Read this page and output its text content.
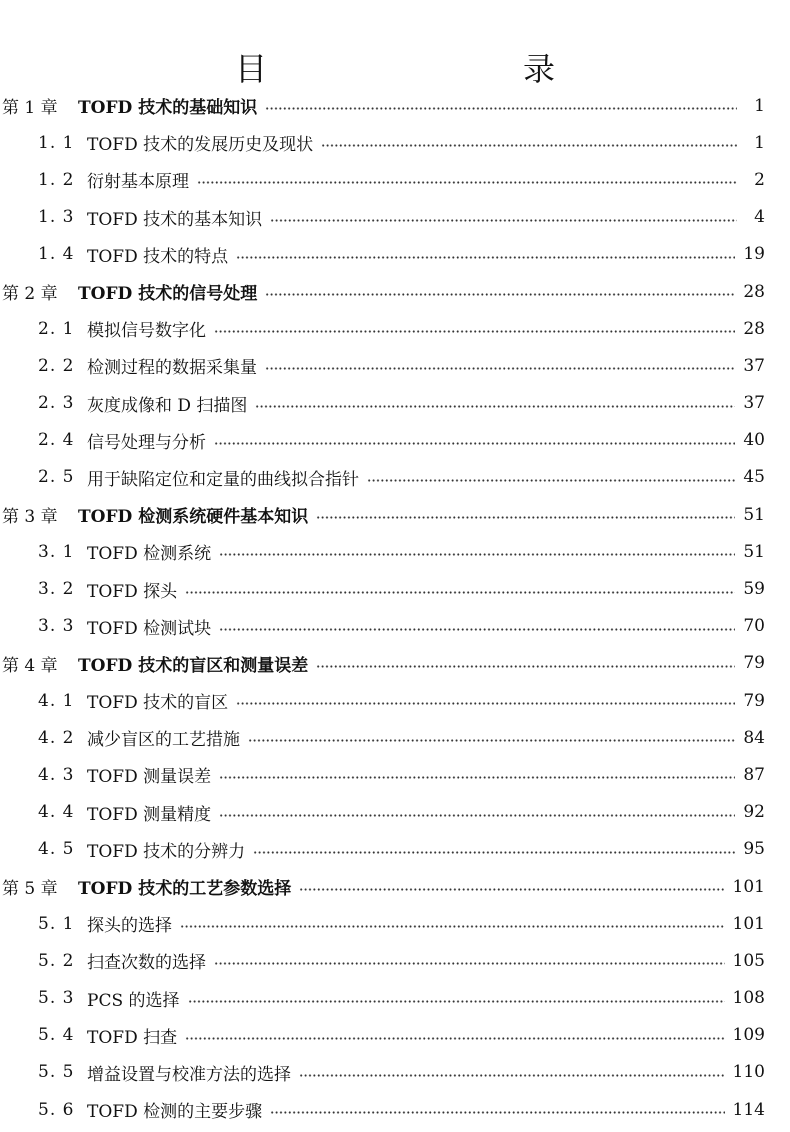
目　　录
第 1 章	TOFD 技术的基础知识	1
1. 1 TOFD 技术的发展历史及现状	1
1. 2 衍射基本原理	2
1. 3 TOFD 技术的基本知识	4
1. 4 TOFD 技术的特点	19
第 2 章	TOFD 技术的信号处理	28
2. 1 模拟信号数字化	28
2. 2 检测过程的数据采集量	37
2. 3 灰度成像和 D 扫描图	37
2. 4 信号处理与分析	40
2. 5 用于缺陷定位和定量的曲线拟合指针	45
第 3 章	TOFD 检测系统硬件基本知识	51
3. 1 TOFD 检测系统	51
3. 2 TOFD 探头	59
3. 3 TOFD 检测试块	70
第 4 章	TOFD 技术的盲区和测量误差	79
4. 1 TOFD 技术的盲区	79
4. 2 减少盲区的工艺措施	84
4. 3 TOFD 测量误差	87
4. 4 TOFD 测量精度	92
4. 5 TOFD 技术的分辨力	95
第 5 章	TOFD 技术的工艺参数选择	101
5. 1 探头的选择	101
5. 2 扫查次数的选择	105
5. 3 PCS 的选择	108
5. 4 TOFD 扫查	109
5. 5 增益设置与校准方法的选择	110
5. 6 TOFD 检测的主要步骤	114
